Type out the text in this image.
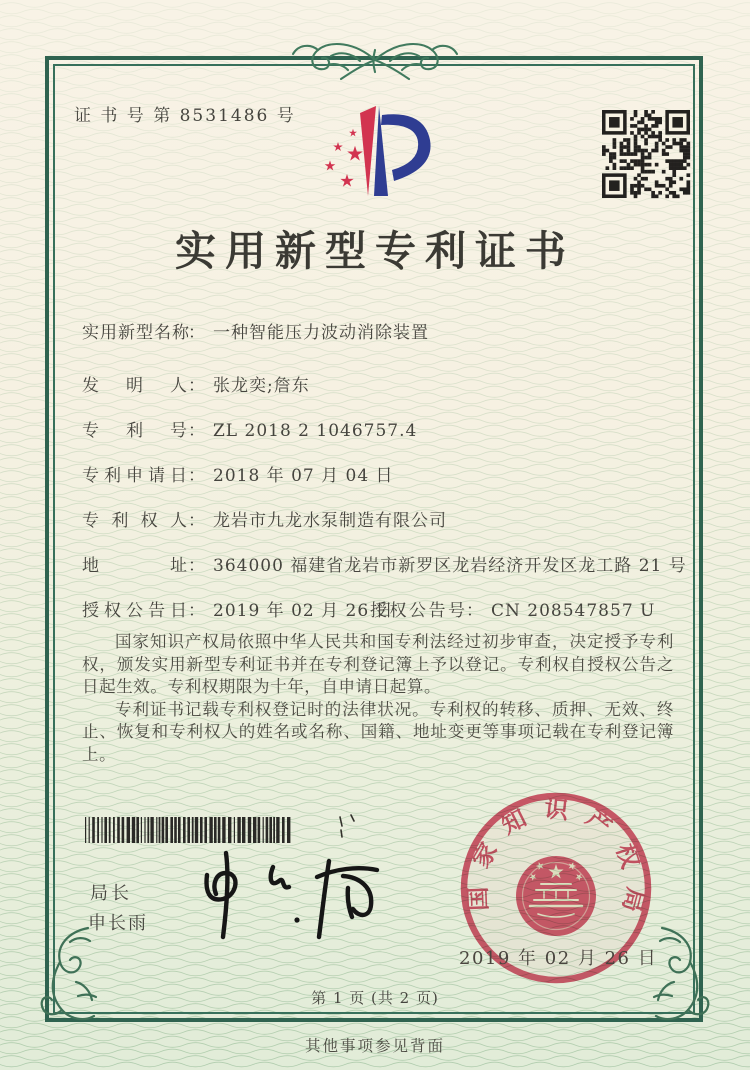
证 书 号 第 8531486 号
实用新型专利证书
实用新型名称： 一种智能压力波动消除装置
发明人： 张龙奕;詹东
专利号： ZL 2018 2 1046757.4
专利申请日： 2018 年 07 月 04 日
专利权人： 龙岩市九龙水泵制造有限公司
地址： 364000 福建省龙岩市新罗区龙岩经济开发区龙工路 21 号
授权公告日： 2019 年 02 月 26 日
授权公告号： CN 208547857 U

国家知识产权局依照中华人民共和国专利法经过初步审查，决定授予专利权，颁发实用新型专利证书并在专利登记簿上予以登记。专利权自授权公告之日起生效。专利权期限为十年，自申请日起算。

专利证书记载专利权登记时的法律状况。专利权的转移、质押、无效、终止、恢复和专利权人的姓名或名称、国籍、地址变更等事项记载在专利登记簿上。

局长
申长雨
国家知识产权局
2019 年 02 月 26 日
第 1 页 (共 2 页)
其他事项参见背面
